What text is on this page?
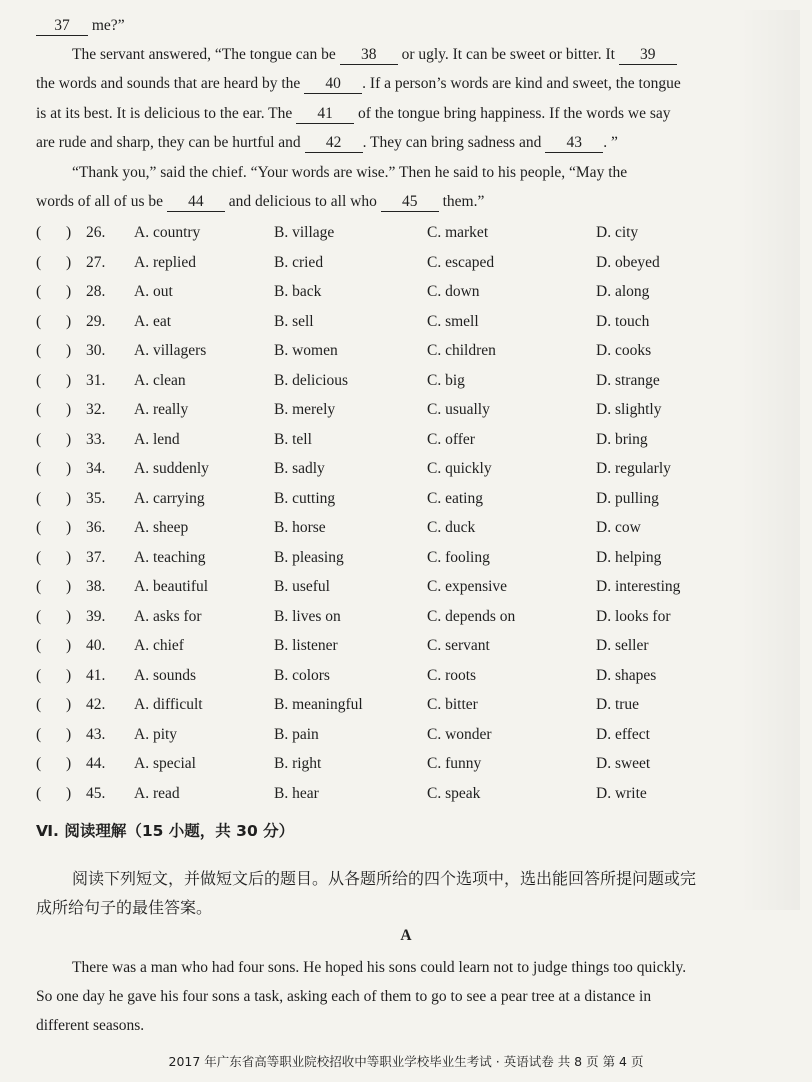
37 me?”
The servant answered, “The tongue can be 38 or ugly. It can be sweet or bitter. It 39
the words and sounds that are heard by the 40 . If a person’s words are kind and sweet, the tongue
is at its best. It is delicious to the ear. The 41 of the tongue bring happiness. If the words we say
are rude and sharp, they can be hurtful and 42 . They can bring sadness and 43 . ”
“Thank you,” said the chief. “Your words are wise.” Then he said to his people, “May the
words of all of us be 44 and delicious to all who 45 them.”
( ) 26. A. country	B. village	C. market	D. city
( ) 27. A. replied	B. cried	C. escaped	D. obeyed
( ) 28. A. out	B. back	C. down	D. along
( ) 29. A. eat	B. sell	C. smell	D. touch
( ) 30. A. villagers	B. women	C. children	D. cooks
( ) 31. A. clean	B. delicious	C. big	D. strange
( ) 32. A. really	B. merely	C. usually	D. slightly
( ) 33. A. lend	B. tell	C. offer	D. bring
( ) 34. A. suddenly	B. sadly	C. quickly	D. regularly
( ) 35. A. carrying	B. cutting	C. eating	D. pulling
( ) 36. A. sheep	B. horse	C. duck	D. cow
( ) 37. A. teaching	B. pleasing	C. fooling	D. helping
( ) 38. A. beautiful	B. useful	C. expensive	D. interesting
( ) 39. A. asks for	B. lives on	C. depends on	D. looks for
( ) 40. A. chief	B. listener	C. servant	D. seller
( ) 41. A. sounds	B. colors	C. roots	D. shapes
( ) 42. A. difficult	B. meaningful	C. bitter	D. true
( ) 43. A. pity	B. pain	C. wonder	D. effect
( ) 44. A. special	B. right	C. funny	D. sweet
( ) 45. A. read	B. hear	C. speak	D. write
Ⅵ. 阅读理解（15 小题，共 30 分）
阅读下列短文，并做短文后的题目。从各题所给的四个选项中，选出能回答所提问题或完
成所给句子的最佳答案。
A
There was a man who had four sons. He hoped his sons could learn not to judge things too quickly.
So one day he gave his four sons a task, asking each of them to go to see a pear tree at a distance in
different seasons.
2017 年广东省高等职业院校招收中等职业学校毕业生考试 · 英语试卷 共 8 页 第 4 页
